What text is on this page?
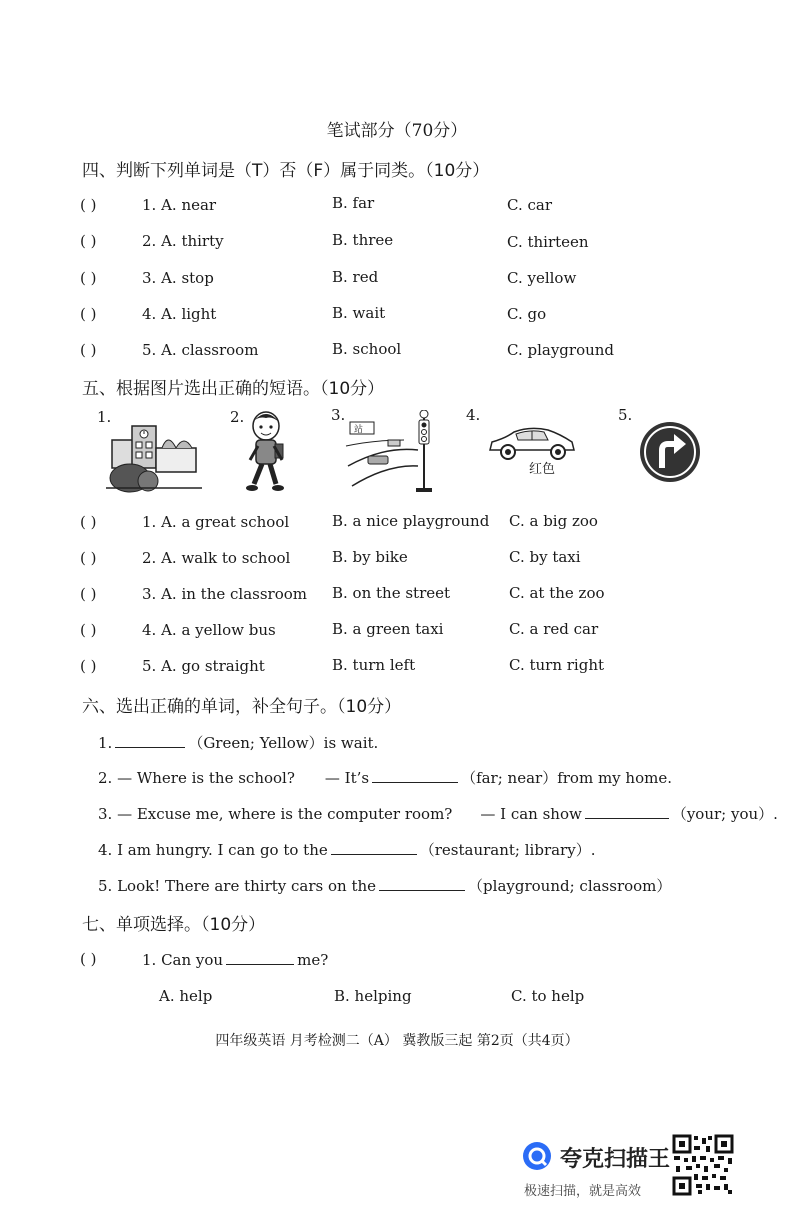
笔试部分（70分）
四、判断下列单词是（T）否（F）属于同类。（10分）
( )	1. A. near	B. far	C. car
( )	2. A. thirty	B. three	C. thirteen
( )	3. A. stop	B. red	C. yellow
( )	4. A. light	B. wait	C. go
( )	5. A. classroom	B. school	C. playground
五、根据图片选出正确的短语。（10分）
1.	2.	3.	4.	5.
站
红色
( )	1. A. a great school	B. a nice playground C. a big zoo
( )	2. A. walk to school	B. by bike	C. by taxi
( )	3. A. in the classroom B. on the street	C. at the zoo
( )	4. A. a yellow bus	B. a green taxi	C. a red car
( )	5. A. go straight	B. turn left	C. turn right
六、选出正确的单词，补全句子。（10分）
1.	（Green; Yellow）is wait.
2. — Where is the school? — It’s	（far; near）from my home.
3. — Excuse me, where is the computer room? — I can show	（your; you）.
4. I am hungry. I can go to the	（restaurant; library）.
5. Look! There are thirty cars on the	（playground; classroom）
七、单项选择。（10分）
( )	1. Can you	me?
A. help	B. helping	C. to help
四年级英语 月考检测二（A） 冀教版三起 第2页（共4页）
夸克扫描王
极速扫描，就是高效
